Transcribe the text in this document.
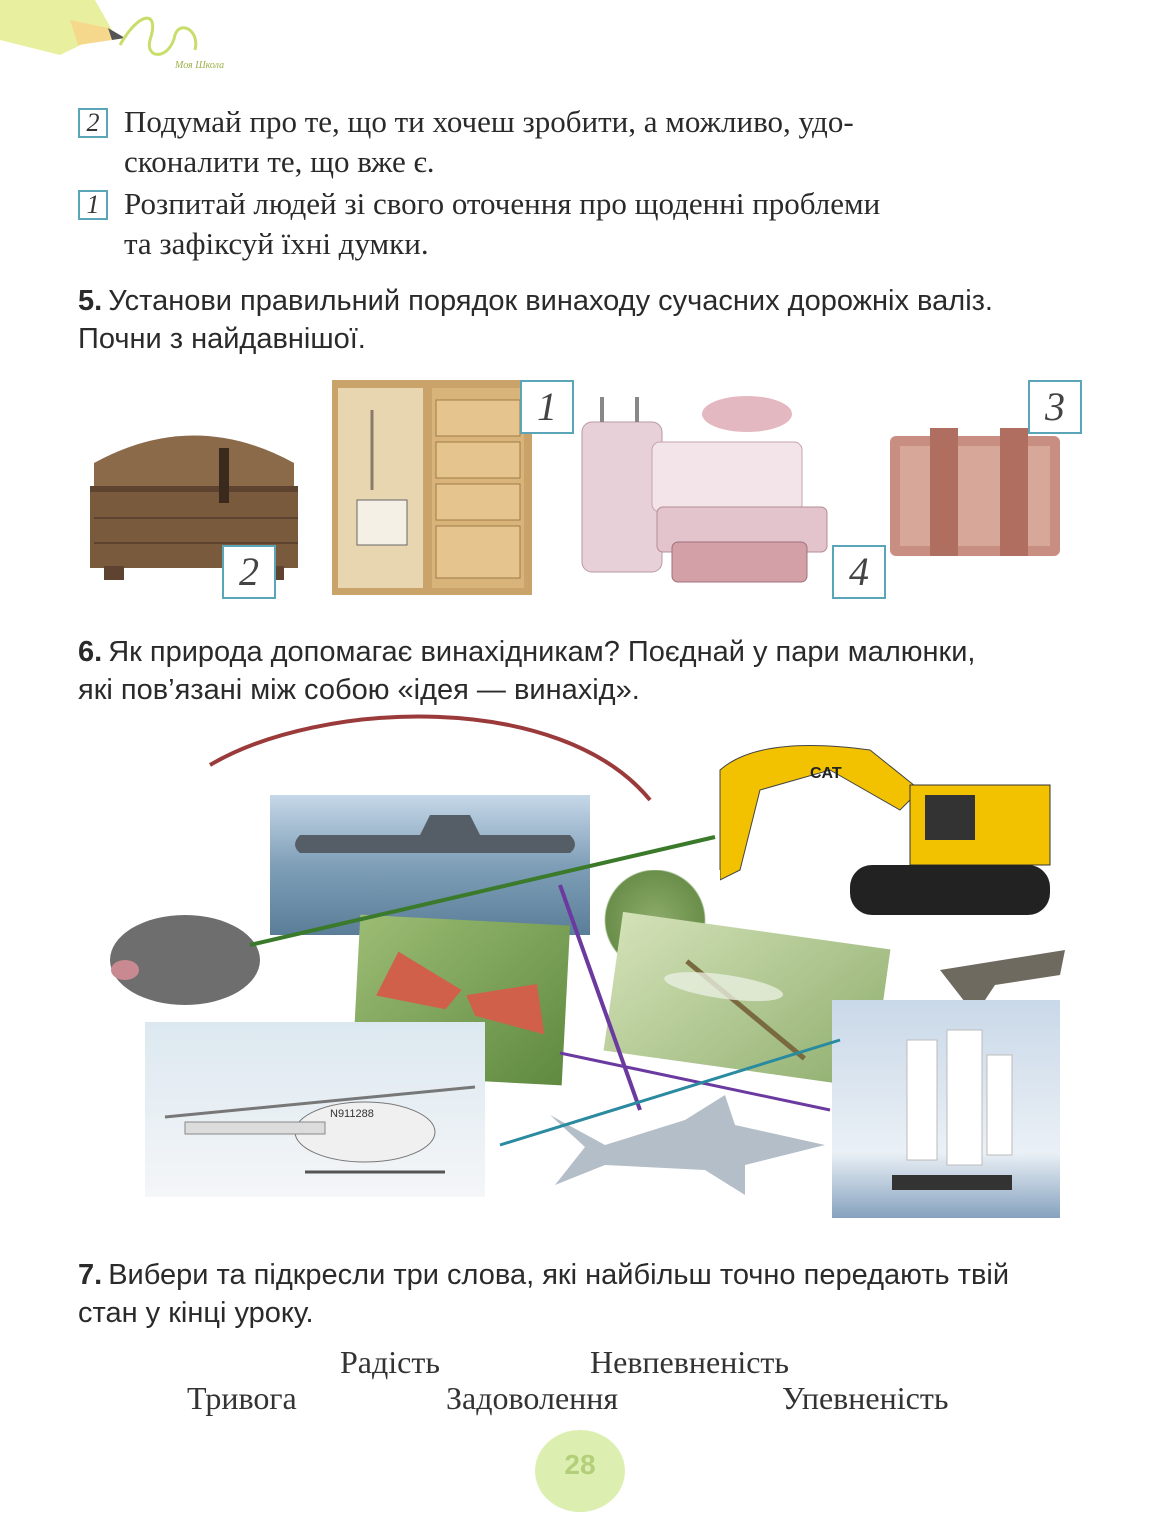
Моя Школа
2 Подумай про те, що ти хочеш зробити, а можливо, удо-
сконалити те, що вже є.
1 Розпитай людей зі свого оточення про щоденні проблеми
та зафіксуй їхні думки.
5. Установи правильний порядок винаходу сучасних дорожніх валіз.
Почни з найдавнішої.
2
1
4
3
6. Як природа допомагає винахідникам? Поєднай у пари малюнки,
які пов’язані між собою «ідея — винахід».
CAT
N911288
7. Вибери та підкресли три слова, які найбільш точно передають твій
стан у кінці уроку.
Радість	Невпевненість
Тривога	Задоволення	Упевненість
28
